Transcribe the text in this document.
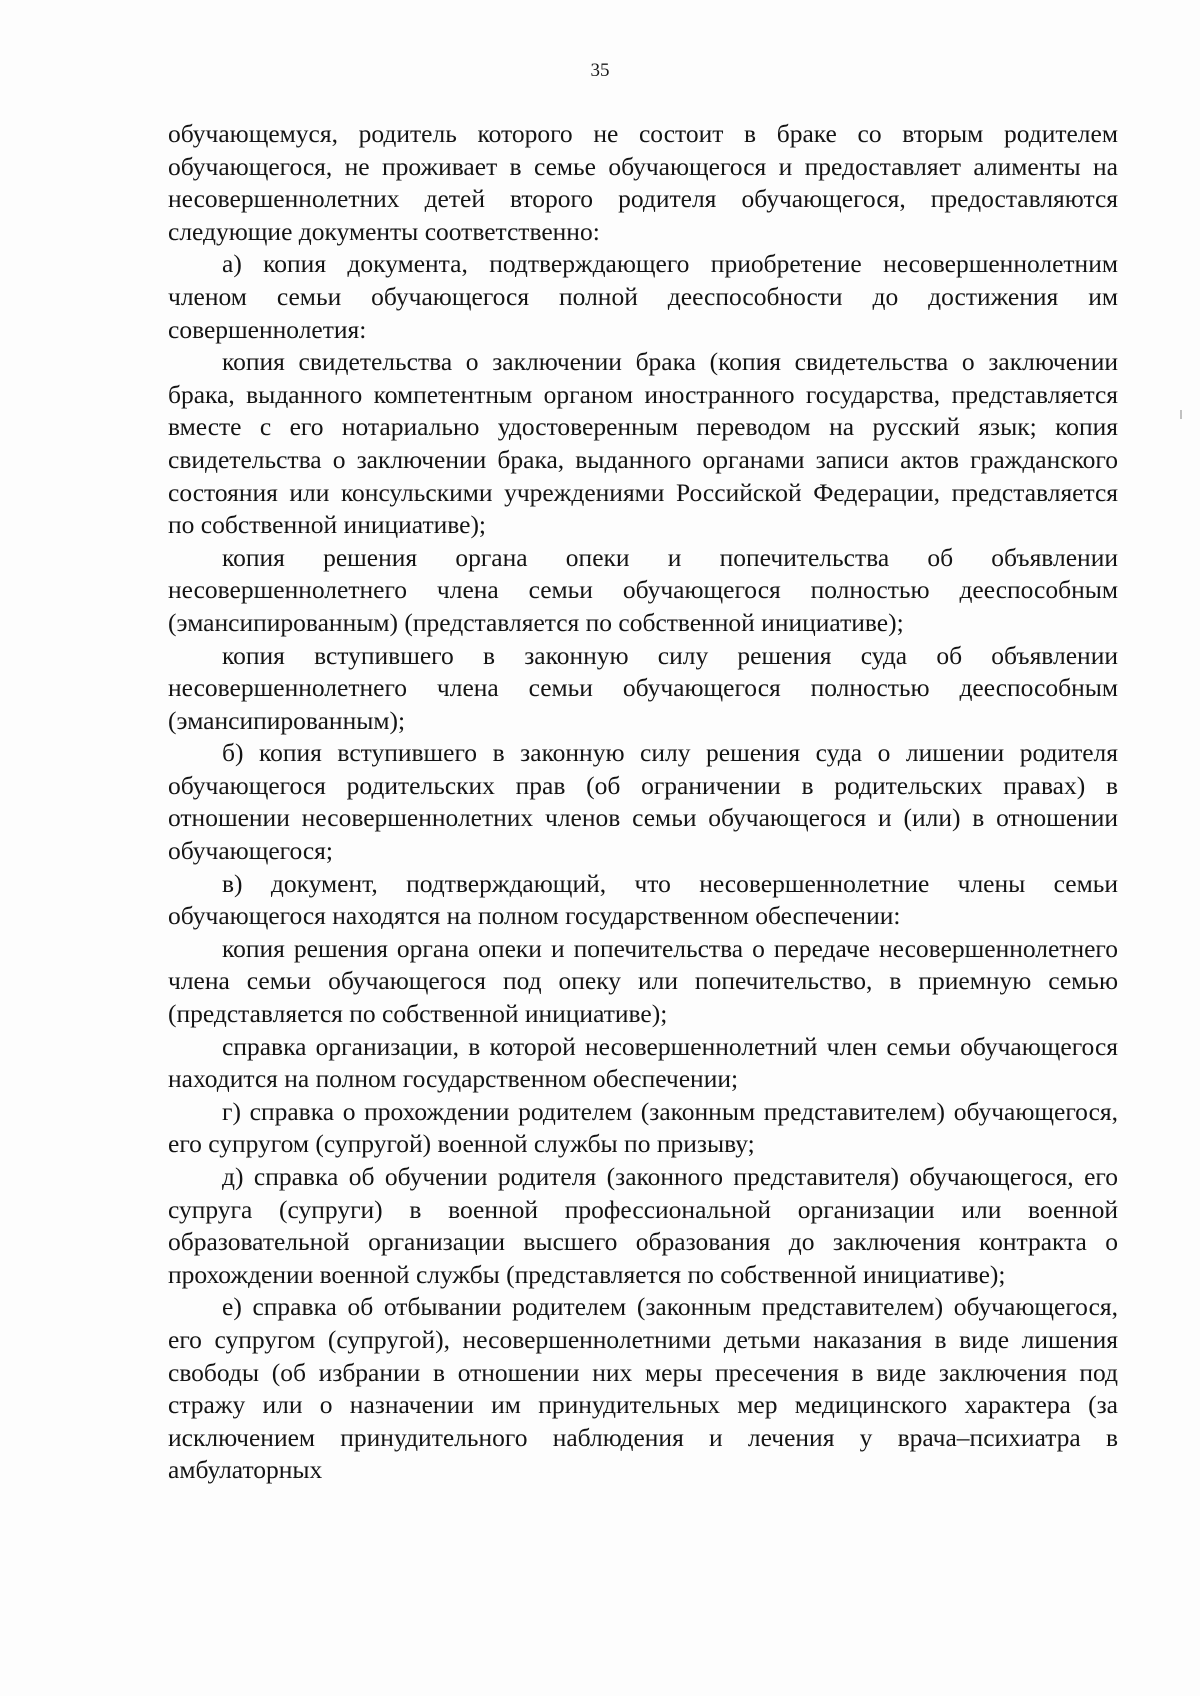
35

обучающемуся, родитель которого не состоит в браке со вторым родителем обучающегося, не проживает в семье обучающегося и предоставляет алименты на несовершеннолетних детей второго родителя обучающегося, предоставляются следующие документы соответственно:

а) копия документа, подтверждающего приобретение несовершеннолетним членом семьи обучающегося полной дееспособности до достижения им совершеннолетия:

копия свидетельства о заключении брака (копия свидетельства о заключении брака, выданного компетентным органом иностранного государства, представляется вместе с его нотариально удостоверенным переводом на русский язык; копия свидетельства о заключении брака, выданного органами записи актов гражданского состояния или консульскими учреждениями Российской Федерации, представляется по собственной инициативе);

копия решения органа опеки и попечительства об объявлении несовершеннолетнего члена семьи обучающегося полностью дееспособным (эмансипированным) (представляется по собственной инициативе);

копия вступившего в законную силу решения суда об объявлении несовершеннолетнего члена семьи обучающегося полностью дееспособным (эмансипированным);

б) копия вступившего в законную силу решения суда о лишении родителя обучающегося родительских прав (об ограничении в родительских правах) в отношении несовершеннолетних членов семьи обучающегося и (или) в отношении обучающегося;

в) документ, подтверждающий, что несовершеннолетние члены семьи обучающегося находятся на полном государственном обеспечении:

копия решения органа опеки и попечительства о передаче несовершеннолетнего члена семьи обучающегося под опеку или попечительство, в приемную семью (представляется по собственной инициативе);

справка организации, в которой несовершеннолетний член семьи обучающегося находится на полном государственном обеспечении;

г) справка о прохождении родителем (законным представителем) обучающегося, его супругом (супругой) военной службы по призыву;

д) справка об обучении родителя (законного представителя) обучающегося, его супруга (супруги) в военной профессиональной организации или военной образовательной организации высшего образования до заключения контракта о прохождении военной службы (представляется по собственной инициативе);

е) справка об отбывании родителем (законным представителем) обучающегося, его супругом (супругой), несовершеннолетними детьми наказания в виде лишения свободы (об избрании в отношении них меры пресечения в виде заключения под стражу или о назначении им принудительных мер медицинского характера (за исключением принудительного наблюдения и лечения у врача–психиатра в амбулаторных
